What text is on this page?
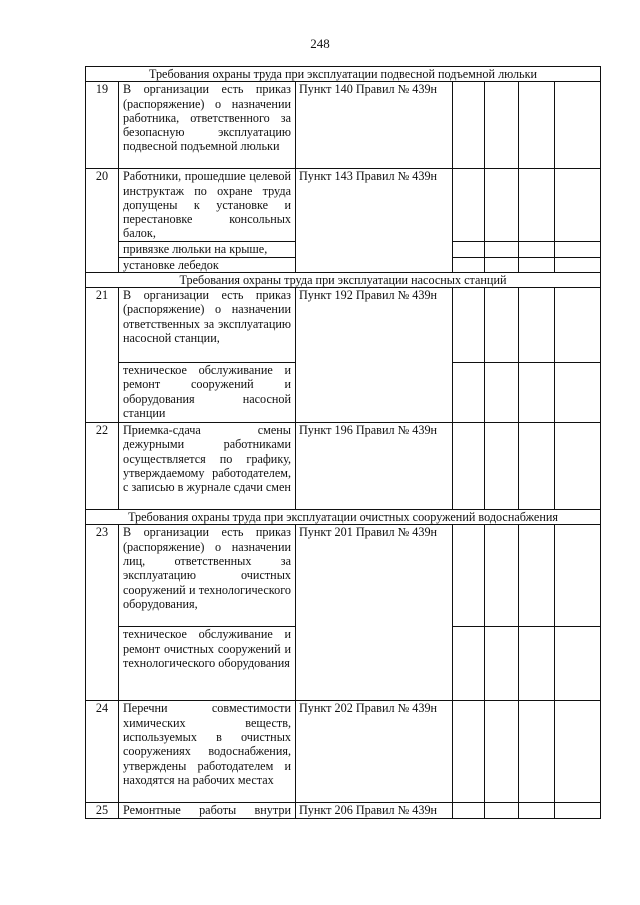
248
Требования охраны труда при эксплуатации подвесной подъемной люльки						
19	В организации есть приказ (распоряжение) о назначении работника, ответственного за безопасную эксплуатацию подвесной подъемной люльки	Пункт 140 Правил № 439н				
20	Работники, прошедшие целевой инструктаж по охране труда допущены к установке и перестановке консольных балок,	Пункт 143 Правил № 439н				
	привязке люльки на крыше,					
	установке лебедок					
Требования охраны труда при эксплуатации насосных станций						
21	В организации есть приказ (распоряжение) о назначении ответственных за эксплуатацию насосной станции,	Пункт 192 Правил № 439н				
	техническое обслуживание и ремонт сооружений и оборудования насосной станции					
22	Приемка-сдача смены дежурными работниками осуществляется по графику, утверждаемому работодателем, с записью в журнале сдачи смен	Пункт 196 Правил № 439н				
Требования охраны труда при эксплуатации очистных сооружений водоснабжения						
23	В организации есть приказ (распоряжение) о назначении лиц, ответственных за эксплуатацию очистных сооружений и технологического оборудования,	Пункт 201 Правил № 439н				
	техническое обслуживание и ремонт очистных сооружений и технологического оборудования					
24	Перечни совместимости химических веществ, используемых в очистных сооружениях водоснабжения, утверждены работодателем и находятся на рабочих местах	Пункт 202 Правил № 439н				
25	Ремонтные работы внутри	Пункт 206 Правил № 439н				
